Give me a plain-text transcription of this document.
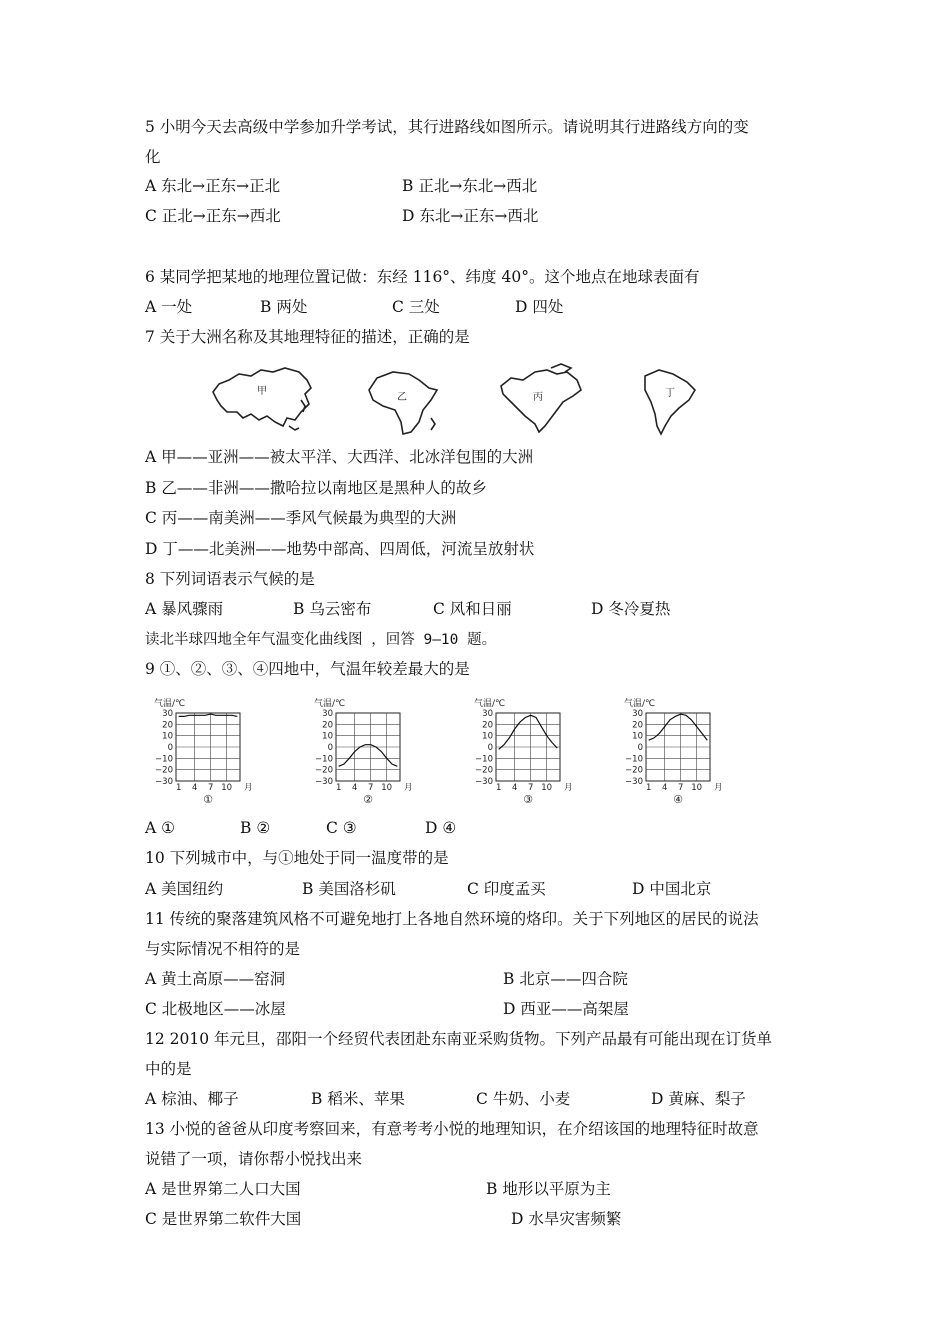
5 小明今天去高级中学参加升学考试，其行进路线如图所示。请说明其行进路线方向的变
化
A 东北→正东→正北	B 正北→东北→西北
C 正北→正东→西北	D 东北→正东→西北
6 某同学把某地的地理位置记做：东经 116°、纬度 40°。这个地点在地球表面有
A 一处	B 两处	C 三处	D 四处
7 关于大洲名称及其地理特征的描述，正确的是
甲
乙	丙	丁
A 甲——亚洲——被太平洋、大西洋、北冰洋包围的大洲
B 乙——非洲——撒哈拉以南地区是黑种人的故乡
C 丙——南美洲——季风气候最为典型的大洲
D 丁——北美洲——地势中部高、四周低，河流呈放射状
8 下列词语表示气候的是
A 暴风骤雨	B 乌云密布	C 风和日丽	D 冬冷夏热
读北半球四地全年气温变化曲线图 ，回答 9—10 题。
9 ①、②、③、④四地中，气温年较差最大的是
气温/℃
30
20
10
0
−10
−20
−30
1 4 7 10 月
①
气温/℃
30
20
10
0
−10
−20
−30
1 4 7 10 月
②
气温/℃
30
20
10
0
−10
−20
−30
1 4 7 10 月
③
气温/℃
30
20
10
0
−10
−20
−30
1 4 7 10 月
④
A ①	B ②	C ③	D ④
10 下列城市中，与①地处于同一温度带的是
A 美国纽约	B 美国洛杉矶	C 印度孟买	D 中国北京
11 传统的聚落建筑风格不可避免地打上各地自然环境的烙印。关于下列地区的居民的说法
与实际情况不相符的是
A 黄土高原——窑洞	B 北京——四合院
C 北极地区——冰屋	D 西亚——高架屋
12 2010 年元旦，邵阳一个经贸代表团赴东南亚采购货物。下列产品最有可能出现在订货单
中的是
A 棕油、椰子	B 稻米、苹果	C 牛奶、小麦	D 黄麻、梨子
13 小悦的爸爸从印度考察回来，有意考考小悦的地理知识，在介绍该国的地理特征时故意
说错了一项，请你帮小悦找出来
A 是世界第二人口大国	B 地形以平原为主
C 是世界第二软件大国	D 水旱灾害频繁
